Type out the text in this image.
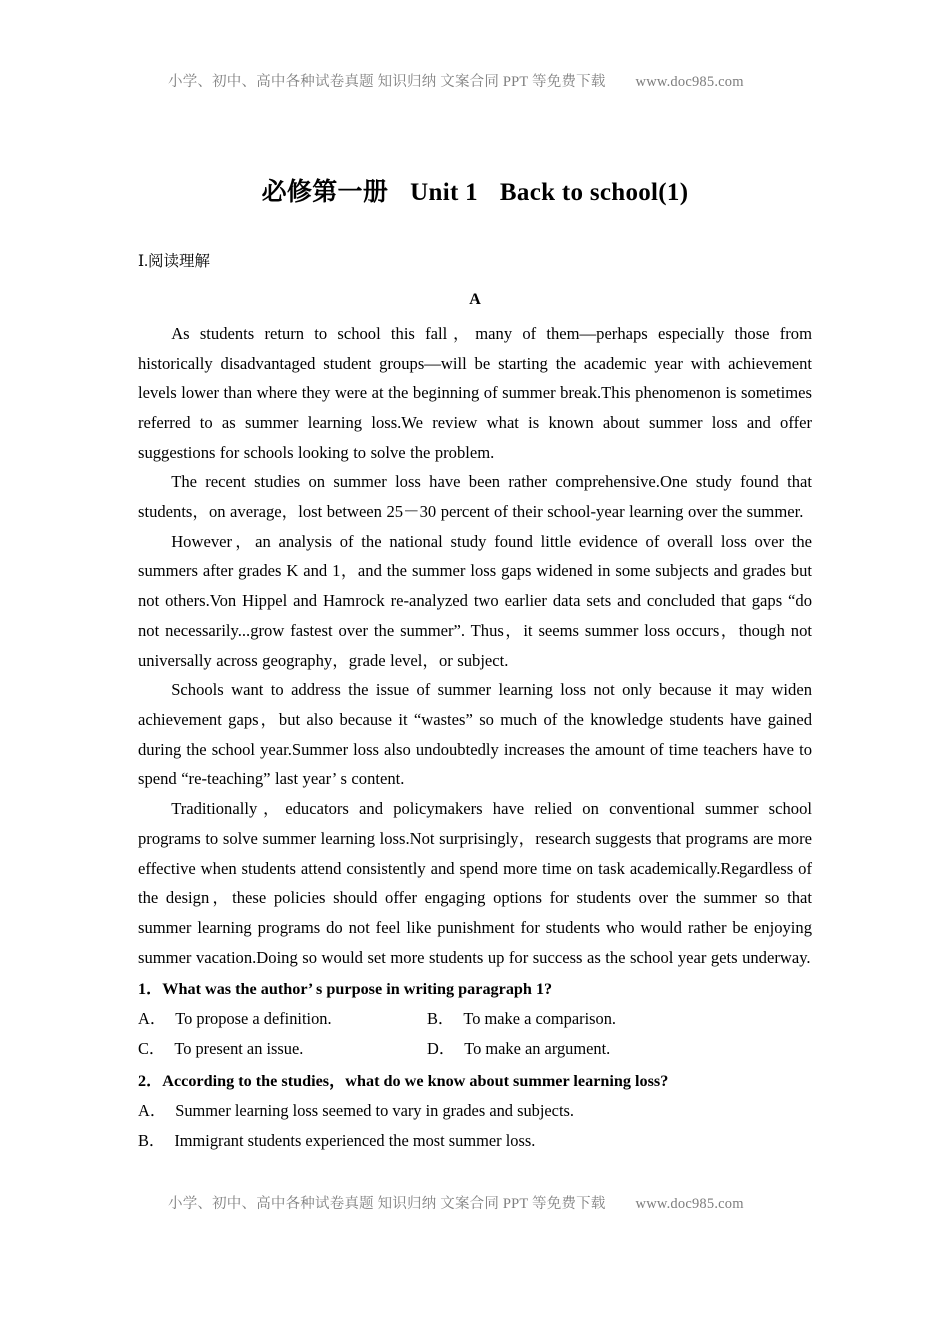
小学、初中、高中各种试卷真题 知识归纳 文案合同 PPT 等免费下载 www.doc985.com
必修第一册 Unit 1 Back to school(1)
Ⅰ.阅读理解
A

As students return to school this fall，many of them—perhaps especially those from historically disadvantaged student groups—will be starting the academic year with achievement levels lower than where they were at the beginning of summer break.This phenomenon is sometimes referred to as summer learning loss.We review what is known about summer loss and offer suggestions for schools looking to solve the problem.

The recent studies on summer loss have been rather comprehensive.One study found that students，on average，lost between 25－30 percent of their school-year learning over the summer.

However，an analysis of the national study found little evidence of overall loss over the summers after grades K and 1，and the summer loss gaps widened in some subjects and grades but not others.Von Hippel and Hamrock re-analyzed two earlier data sets and concluded that gaps “do not necessarily...grow fastest over the summer”. Thus，it seems summer loss occurs，though not universally across geography，grade level，or subject.

Schools want to address the issue of summer learning loss not only because it may widen achievement gaps，but also because it “wastes” so much of the knowledge students have gained during the school year.Summer loss also undoubtedly increases the amount of time teachers have to spend “re-teaching” last year’ s content.

Traditionally，educators and policymakers have relied on conventional summer school programs to solve summer learning loss.Not surprisingly，research suggests that programs are more effective when students attend consistently and spend more time on task academically.Regardless of the design，these policies should offer engaging options for students over the summer so that summer learning programs do not feel like punishment for students who would rather be enjoying summer vacation.Doing so would set more students up for success as the school year gets underway.

1．What was the author’ s purpose in writing paragraph 1?
A． To propose a definition.	B． To make a comparison.
C． To present an issue.	D． To make an argument.
2．According to the studies，what do we know about summer learning loss?
A． Summer learning loss seemed to vary in grades and subjects.
B． Immigrant students experienced the most summer loss.
小学、初中、高中各种试卷真题 知识归纳 文案合同 PPT 等免费下载 www.doc985.com
